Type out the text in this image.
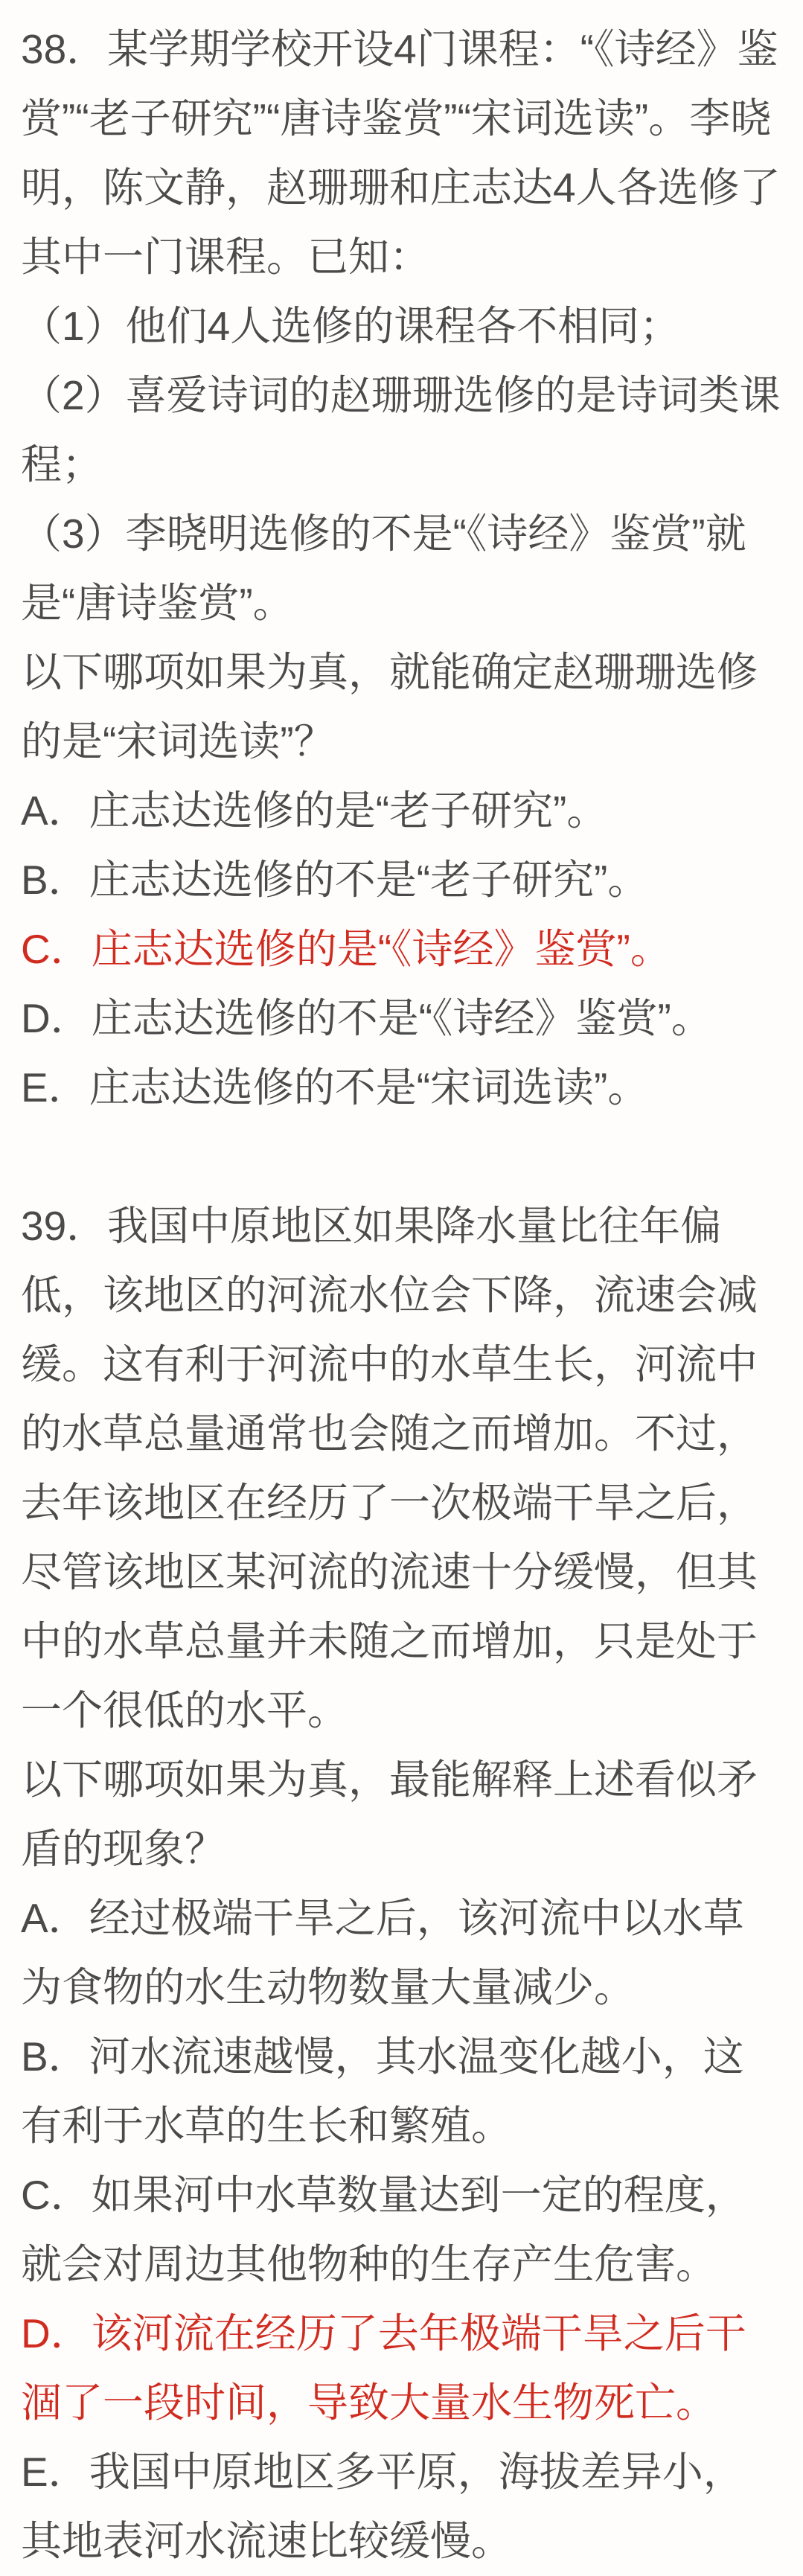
38．某学期学校开设4门课程：“《诗经》鉴赏”“老子研究”“唐诗鉴赏”“宋词选读”。李晓明，陈文静，赵珊珊和庄志达4人各选修了其中一门课程。已知：

（1）他们4人选修的课程各不相同；

（2）喜爱诗词的赵珊珊选修的是诗词类课程；

（3）李晓明选修的不是“《诗经》鉴赏”就是“唐诗鉴赏”。

以下哪项如果为真，就能确定赵珊珊选修的是“宋词选读”？

A．庄志达选修的是“老子研究”。

B．庄志达选修的不是“老子研究”。

C．庄志达选修的是“《诗经》鉴赏”。

D．庄志达选修的不是“《诗经》鉴赏”。

E．庄志达选修的不是“宋词选读”。

39．我国中原地区如果降水量比往年偏低，该地区的河流水位会下降，流速会减缓。这有利于河流中的水草生长，河流中的水草总量通常也会随之而增加。不过，去年该地区在经历了一次极端干旱之后，尽管该地区某河流的流速十分缓慢，但其中的水草总量并未随之而增加，只是处于一个很低的水平。

以下哪项如果为真，最能解释上述看似矛盾的现象？

A．经过极端干旱之后，该河流中以水草为食物的水生动物数量大量减少。

B．河水流速越慢，其水温变化越小，这有利于水草的生长和繁殖。

C．如果河中水草数量达到一定的程度，就会对周边其他物种的生存产生危害。

D．该河流在经历了去年极端干旱之后干涸了一段时间，导致大量水生物死亡。

E．我国中原地区多平原，海拔差异小，其地表河水流速比较缓慢。
